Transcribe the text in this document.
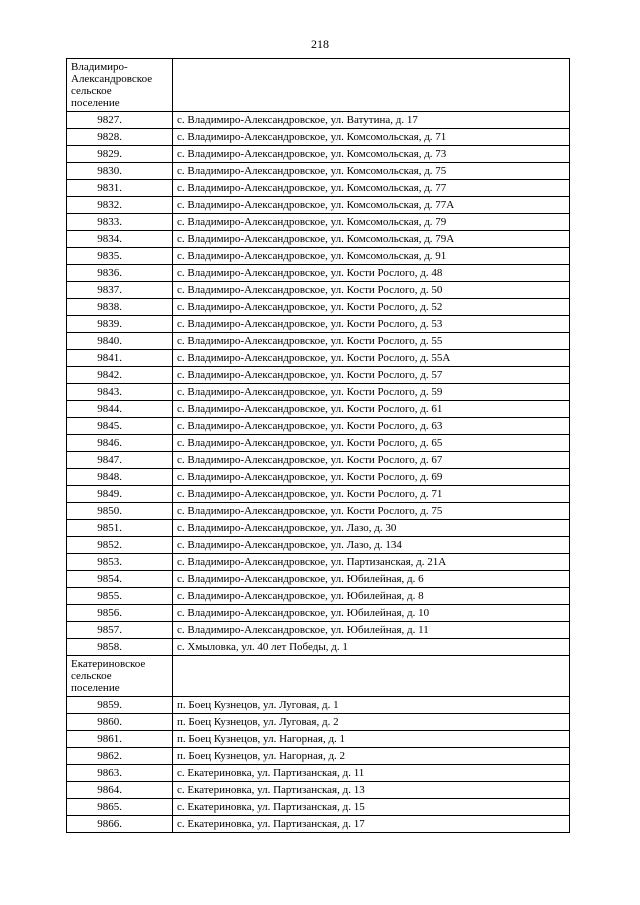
218
Владимиро-
Александровское
сельское
поселение	

9827.	с. Владимиро-Александровское, ул. Ватутина, д. 17
9828.	с. Владимиро-Александровское, ул. Комсомольская, д. 71
9829.	с. Владимиро-Александровское, ул. Комсомольская, д. 73
9830.	с. Владимиро-Александровское, ул. Комсомольская, д. 75
9831.	с. Владимиро-Александровское, ул. Комсомольская, д. 77
9832.	с. Владимиро-Александровское, ул. Комсомольская, д. 77А
9833.	с. Владимиро-Александровское, ул. Комсомольская, д. 79
9834.	с. Владимиро-Александровское, ул. Комсомольская, д. 79А
9835.	с. Владимиро-Александровское, ул. Комсомольская, д. 91
9836.	с. Владимиро-Александровское, ул. Кости Рослого, д. 48
9837.	с. Владимиро-Александровское, ул. Кости Рослого, д. 50
9838.	с. Владимиро-Александровское, ул. Кости Рослого, д. 52
9839.	с. Владимиро-Александровское, ул. Кости Рослого, д. 53
9840.	с. Владимиро-Александровское, ул. Кости Рослого, д. 55
9841.	с. Владимиро-Александровское, ул. Кости Рослого, д. 55А
9842.	с. Владимиро-Александровское, ул. Кости Рослого, д. 57
9843.	с. Владимиро-Александровское, ул. Кости Рослого, д. 59
9844.	с. Владимиро-Александровское, ул. Кости Рослого, д. 61
9845.	с. Владимиро-Александровское, ул. Кости Рослого, д. 63
9846.	с. Владимиро-Александровское, ул. Кости Рослого, д. 65
9847.	с. Владимиро-Александровское, ул. Кости Рослого, д. 67
9848.	с. Владимиро-Александровское, ул. Кости Рослого, д. 69
9849.	с. Владимиро-Александровское, ул. Кости Рослого, д. 71
9850.	с. Владимиро-Александровское, ул. Кости Рослого, д. 75
9851.	с. Владимиро-Александровское, ул. Лазо, д. 30
9852.	с. Владимиро-Александровское, ул. Лазо, д. 134
9853.	с. Владимиро-Александровское, ул. Партизанская, д. 21А
9854.	с. Владимиро-Александровское, ул. Юбилейная, д. 6
9855.	с. Владимиро-Александровское, ул. Юбилейная, д. 8
9856.	с. Владимиро-Александровское, ул. Юбилейная, д. 10
9857.	с. Владимиро-Александровское, ул. Юбилейная, д. 11
9858.	с. Хмыловка, ул. 40 лет Победы, д. 1

Екатериновское
сельское
поселение	

9859.	п. Боец Кузнецов, ул. Луговая, д. 1
9860.	п. Боец Кузнецов, ул. Луговая, д. 2
9861.	п. Боец Кузнецов, ул. Нагорная, д. 1
9862.	п. Боец Кузнецов, ул. Нагорная, д. 2
9863.	с. Екатериновка, ул. Партизанская, д. 11
9864.	с. Екатериновка, ул. Партизанская, д. 13
9865.	с. Екатериновка, ул. Партизанская, д. 15
9866.	с. Екатериновка, ул. Партизанская, д. 17
